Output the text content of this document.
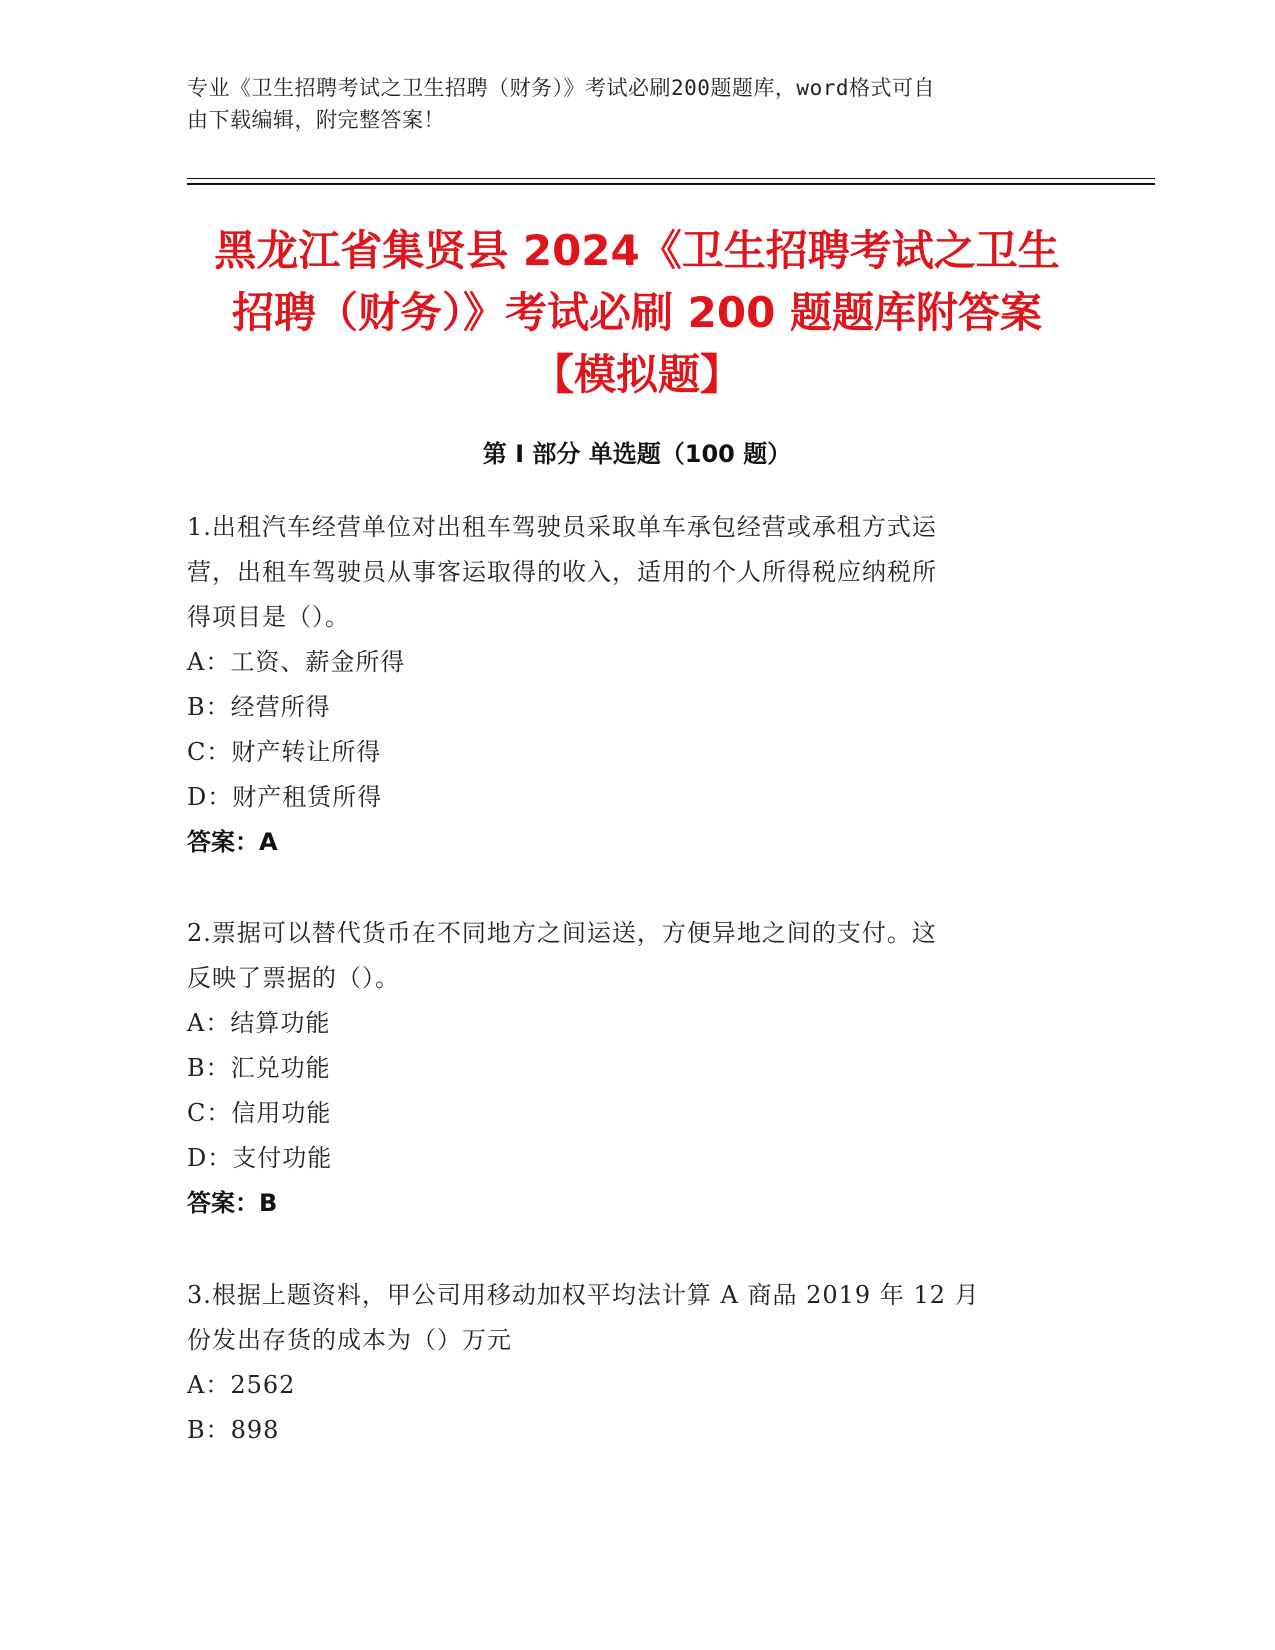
专业《卫生招聘考试之卫生招聘（财务）》考试必刷200题题库，word格式可自
由下载编辑，附完整答案！
黑龙江省集贤县 2024《卫生招聘考试之卫生
招聘（财务）》考试必刷 200 题题库附答案
【模拟题】
第 I 部分 单选题（100 题）

1.出租汽车经营单位对出租车驾驶员采取单车承包经营或承租方式运

营，出租车驾驶员从事客运取得的收入，适用的个人所得税应纳税所

得项目是（）。

A：工资、薪金所得

B：经营所得

C：财产转让所得

D：财产租赁所得

答案：A

2.票据可以替代货币在不同地方之间运送，方便异地之间的支付。这

反映了票据的（）。

A：结算功能

B：汇兑功能

C：信用功能

D：支付功能

答案：B

3.根据上题资料，甲公司用移动加权平均法计算 A 商品 2019 年 12 月

份发出存货的成本为（）万元

A：2562

B：898
